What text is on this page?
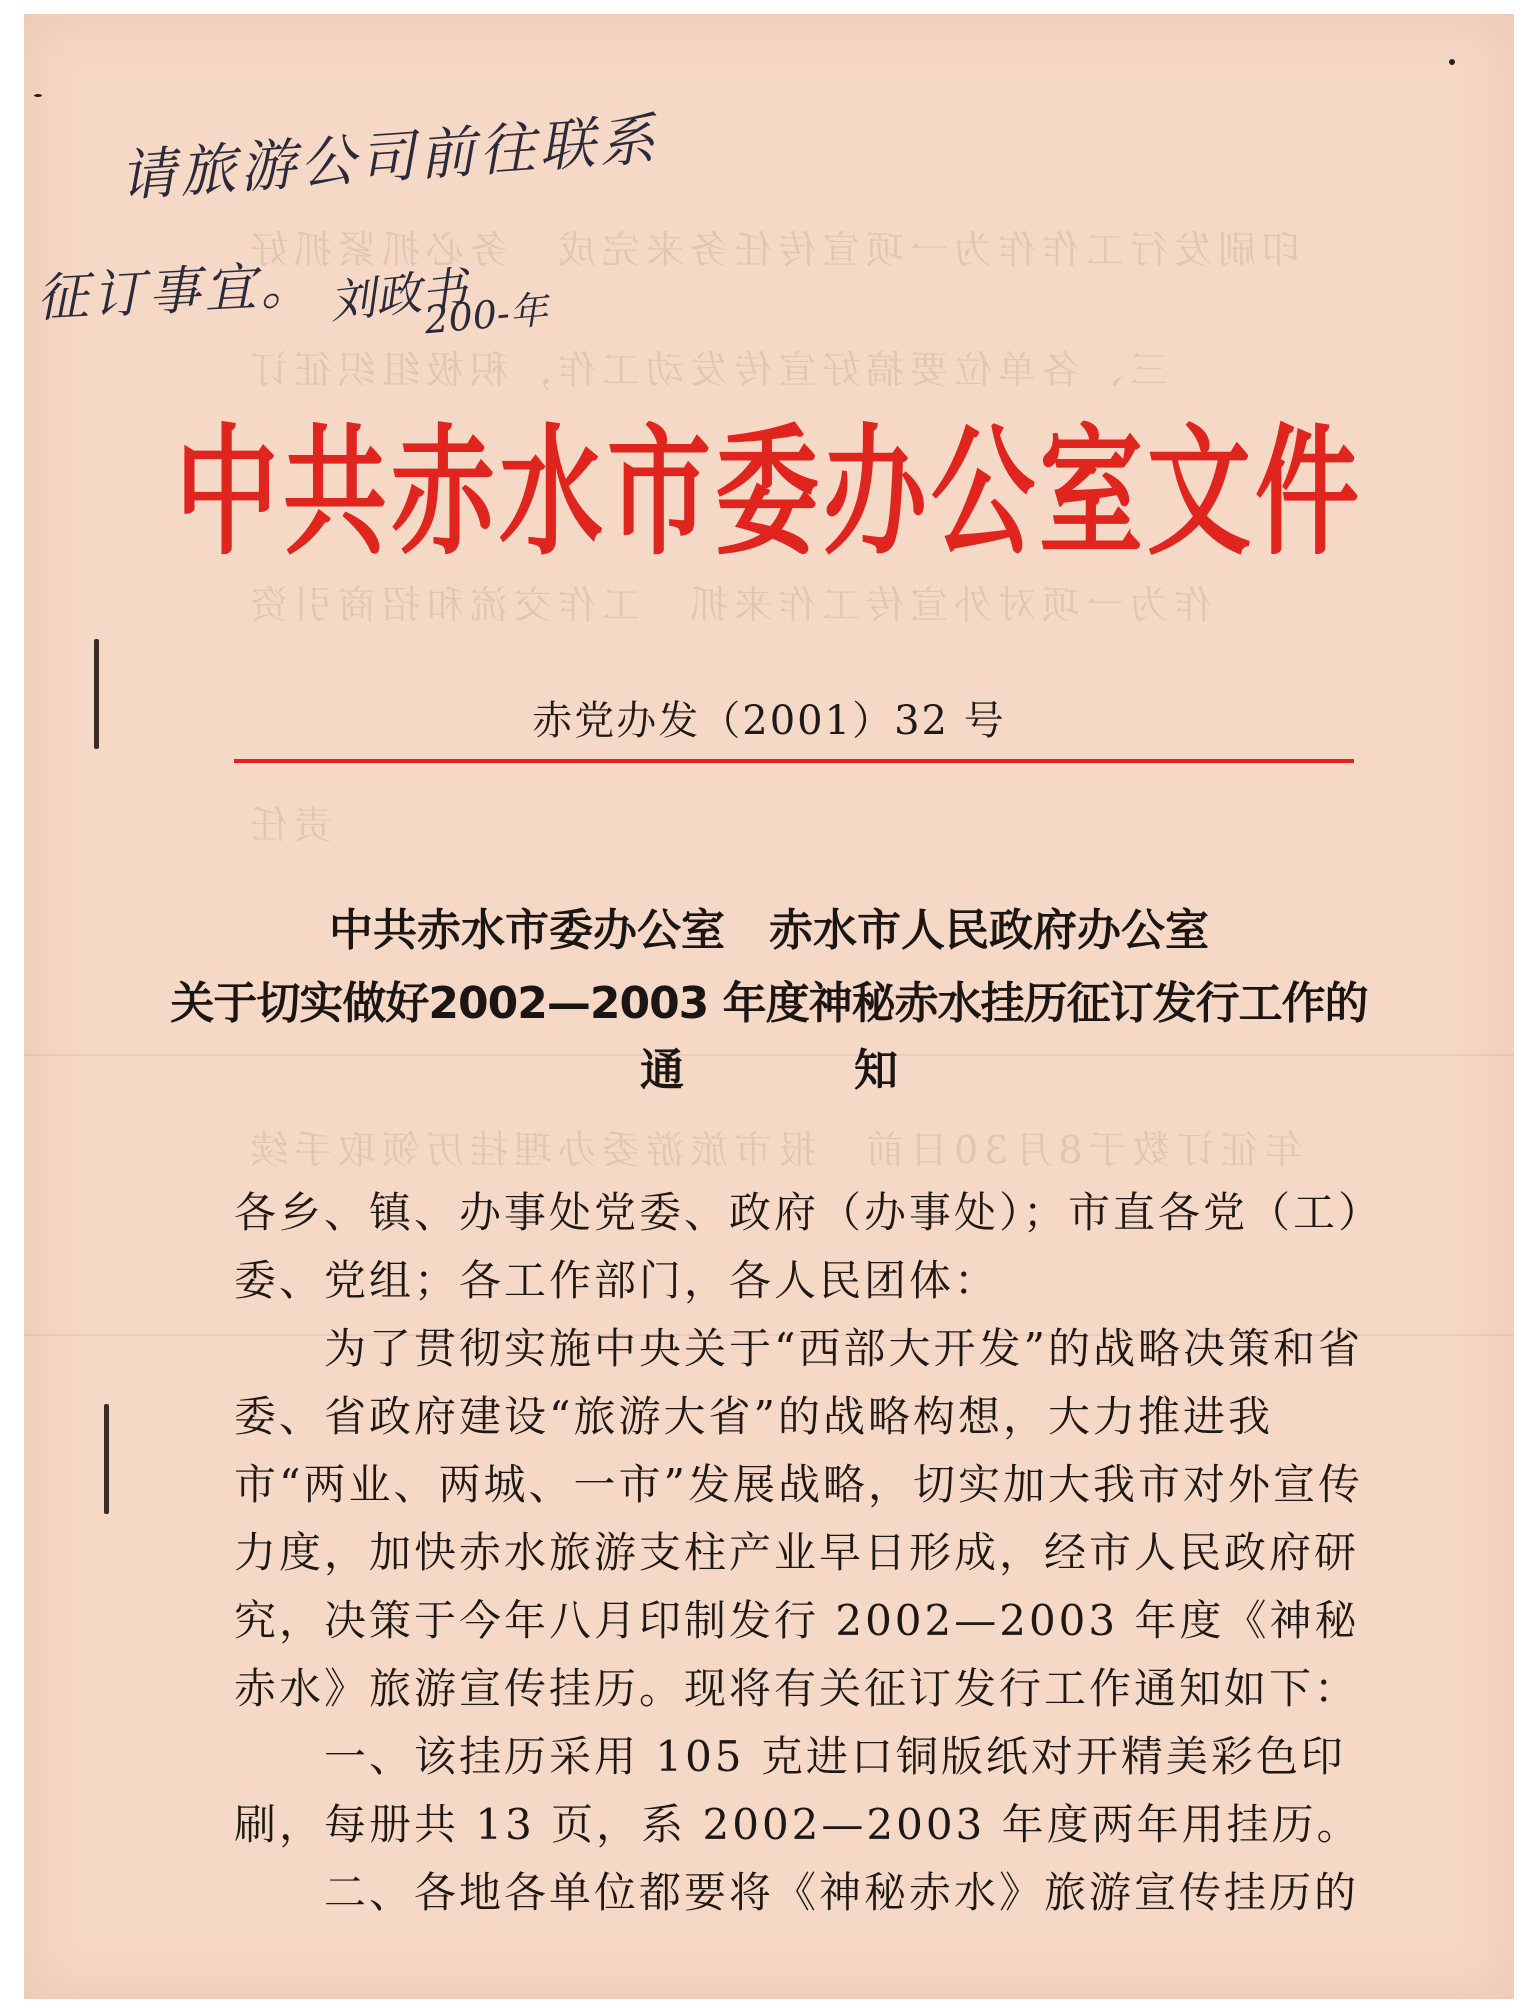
印刷发行工作作为一项宣传任务来完成　务必抓紧抓好
三、各单位要搞好宣传发动工作，积极组织征订
作为一项对外宣传工作来抓　工作交流和招商引资
责任
年征订数于8月30日前　报市旅游委办理挂历领取手续
请旅游公司前往联系
征订事宜。 刘政书
200-年
中共赤水市委办公室文件
赤党办发（2001）32 号
中共赤水市委办公室　赤水市人民政府办公室
关于切实做好2002—2003 年度神秘赤水挂历征订发行工作的
通知

各乡、镇、办事处党委、政府（办事处）；市直各党（工）委、党组；各工作部门，各人民团体：

为了贯彻实施中央关于“西部大开发”的战略决策和省委、省政府建设“旅游大省”的战略构想，大力推进我市“两业、两城、一市”发展战略，切实加大我市对外宣传力度，加快赤水旅游支柱产业早日形成，经市人民政府研究，决策于今年八月印制发行 2002—2003 年度《神秘赤水》旅游宣传挂历。现将有关征订发行工作通知如下：

一、该挂历采用 105 克进口铜版纸对开精美彩色印刷，每册共 13 页，系 2002—2003 年度两年用挂历。

二、各地各单位都要将《神秘赤水》旅游宣传挂历的
